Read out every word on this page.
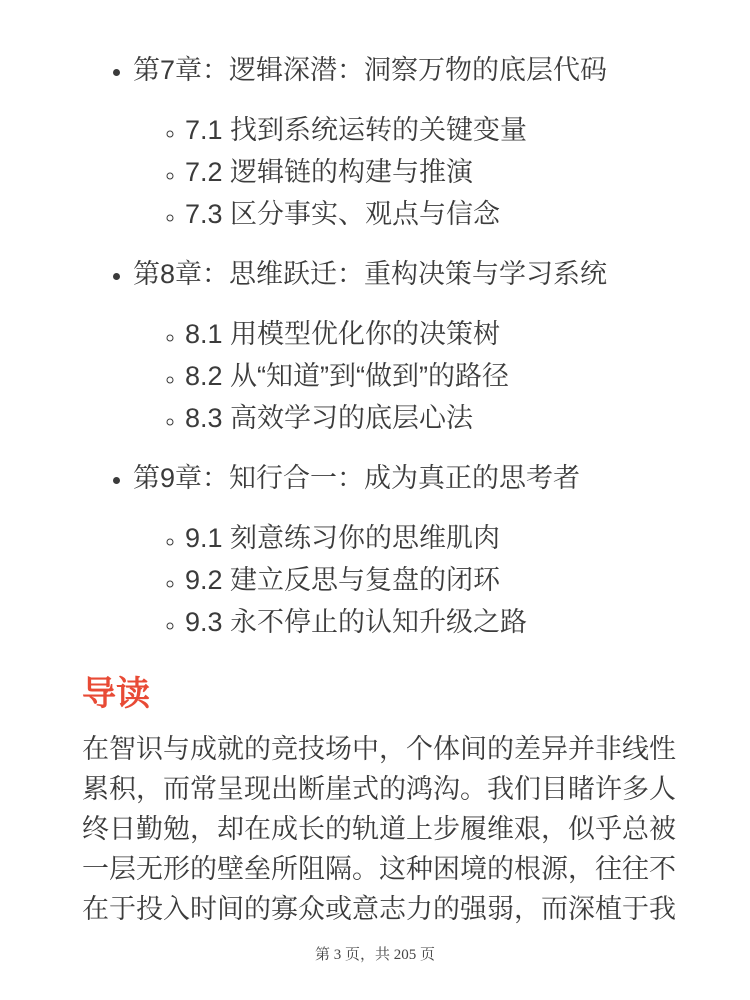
• 第7章：逻辑深潜：洞察万物的底层代码
◦ 7.1 找到系统运转的关键变量
◦ 7.2 逻辑链的构建与推演
◦ 7.3 区分事实、观点与信念
• 第8章：思维跃迁：重构决策与学习系统
◦ 8.1 用模型优化你的决策树
◦ 8.2 从“知道”到“做到”的路径
◦ 8.3 高效学习的底层心法
• 第9章：知行合一：成为真正的思考者
◦ 9.1 刻意练习你的思维肌肉
◦ 9.2 建立反思与复盘的闭环
◦ 9.3 永不停止的认知升级之路
导读

在智识与成就的竞技场中，个体间的差异并非线性累积，而常呈现出断崖式的鸿沟。我们目睹许多人终日勤勉，却在成长的轨道上步履维艰，似乎总被一层无形的壁垒所阻隔。这种困境的根源，往往不在于投入时间的寡众或意志力的强弱，而深植于我

第 3 页，共 205 页
